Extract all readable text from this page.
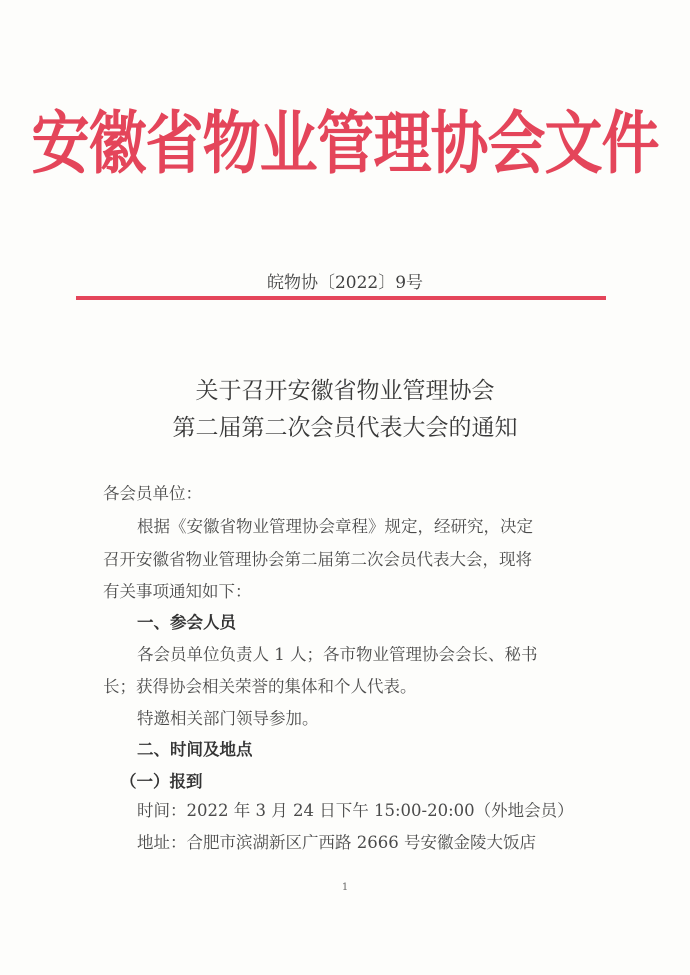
安徽省物业管理协会文件
皖物协〔2022〕9号
关于召开安徽省物业管理协会
第二届第二次会员代表大会的通知
各会员单位：
根据《安徽省物业管理协会章程》规定，经研究，决定
召开安徽省物业管理协会第二届第二次会员代表大会，现将
有关事项通知如下：
一、参会人员
各会员单位负责人 1 人；各市物业管理协会会长、秘书
长；获得协会相关荣誉的集体和个人代表。
特邀相关部门领导参加。
二、时间及地点
（一）报到
时间：2022 年 3 月 24 日下午 15:00-20:00（外地会员）
地址：合肥市滨湖新区广西路 2666 号安徽金陵大饭店
1
